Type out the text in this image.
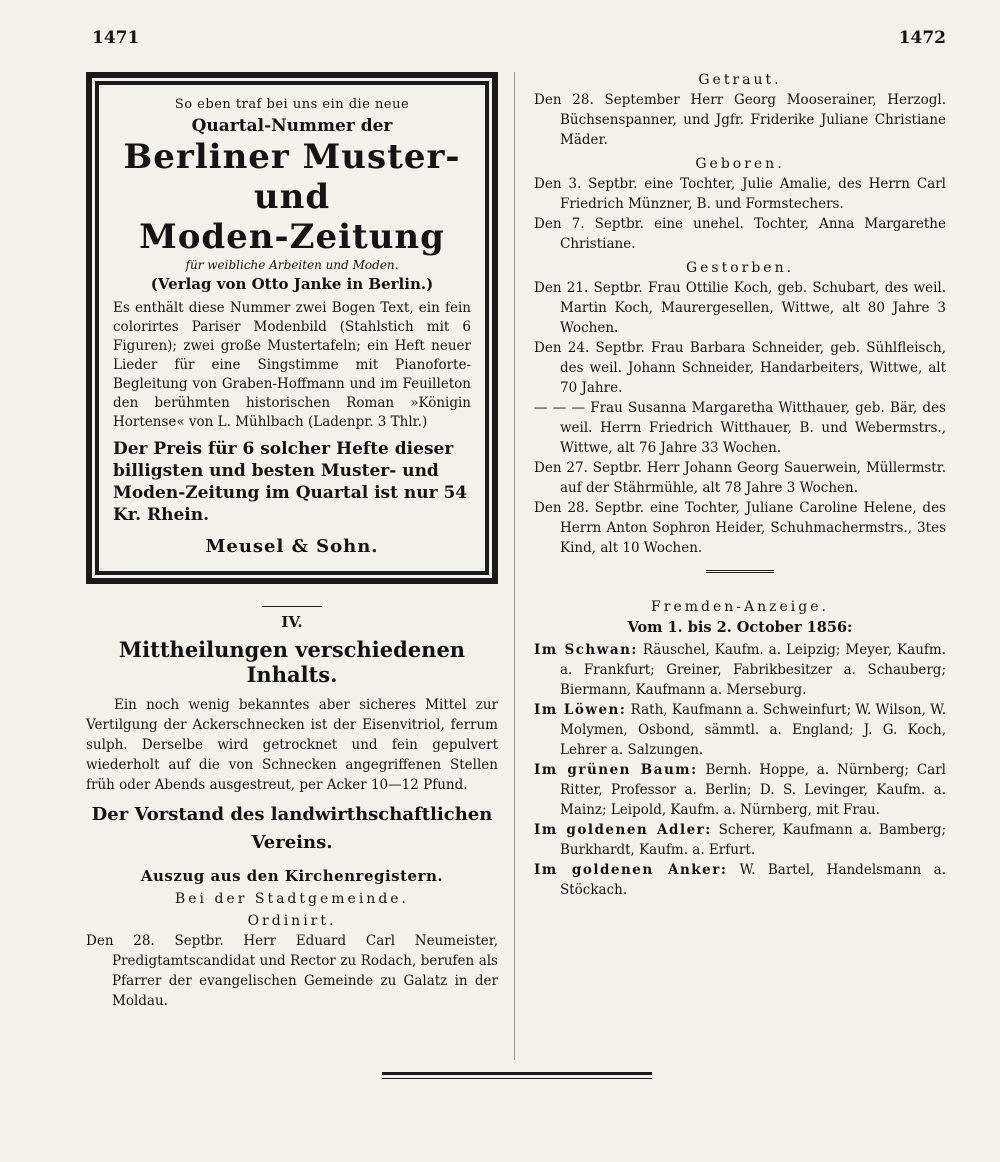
1471	1472
So eben traf bei uns ein die neue
Quartal-Nummer der
Berliner Muster- und
Moden-Zeitung
für weibliche Arbeiten und Moden.
(Verlag von Otto Janke in Berlin.)
Es enthält diese Nummer zwei Bogen Text, ein fein colorirtes Pariser Modenbild (Stahlstich mit 6 Figuren); zwei große Mustertafeln; ein Heft neuer Lieder für eine Singstimme mit Pianoforte-Begleitung von Graben-Hoffmann und im Feuilleton den berühmten historischen Roman »Königin Hortense« von L. Mühlbach (Ladenpr. 3 Thlr.)
Der Preis für 6 solcher Hefte dieser billigsten und besten Muster- und Moden-Zeitung im Quartal ist nur 54 Kr. Rhein.
Meusel & Sohn.
IV.
Mittheilungen verschiedenen Inhalts.

Ein noch wenig bekanntes aber sicheres Mittel zur Vertilgung der Ackerschnecken ist der Eisenvitriol, ferrum sulph. Derselbe wird getrocknet und fein gepulvert wiederholt auf die von Schnecken angegriffenen Stellen früh oder Abends ausgestreut, per Acker 10—12 Pfund.

Der Vorstand des landwirthschaftlichen Vereins.
Auszug aus den Kirchenregistern.
Bei der Stadtgemeinde.
Ordinirt.

Den 28. Septbr. Herr Eduard Carl Neumeister, Predigtamtscandidat und Rector zu Rodach, berufen als Pfarrer der evangelischen Gemeinde zu Galatz in der Moldau.

Getraut.

Den 28. September Herr Georg Mooserainer, Herzogl. Büchsenspanner, und Jgfr. Friderike Juliane Christiane Mäder.

Geboren.

Den 3. Septbr. eine Tochter, Julie Amalie, des Herrn Carl Friedrich Münzner, B. und Formstechers.

Den 7. Septbr. eine unehel. Tochter, Anna Margarethe Christiane.

Gestorben.

Den 21. Septbr. Frau Ottilie Koch, geb. Schubart, des weil. Martin Koch, Maurergesellen, Wittwe, alt 80 Jahre 3 Wochen.

Den 24. Septbr. Frau Barbara Schneider, geb. Sühlfleisch, des weil. Johann Schneider, Handarbeiters, Wittwe, alt 70 Jahre.

— — — Frau Susanna Margaretha Witthauer, geb. Bär, des weil. Herrn Friedrich Witthauer, B. und Webermstrs., Wittwe, alt 76 Jahre 33 Wochen.

Den 27. Septbr. Herr Johann Georg Sauerwein, Müllermstr. auf der Stährmühle, alt 78 Jahre 3 Wochen.

Den 28. Septbr. eine Tochter, Juliane Caroline Helene, des Herrn Anton Sophron Heider, Schuhmachermstrs., 3tes Kind, alt 10 Wochen.

Fremden-Anzeige.
Vom 1. bis 2. October 1856:

Im Schwan: Räuschel, Kaufm. a. Leipzig; Meyer, Kaufm. a. Frankfurt; Greiner, Fabrikbesitzer a. Schauberg; Biermann, Kaufmann a. Merseburg.

Im Löwen: Rath, Kaufmann a. Schweinfurt; W. Wilson, W. Molymen, Osbond, sämmtl. a. England; J. G. Koch, Lehrer a. Salzungen.

Im grünen Baum: Bernh. Hoppe, a. Nürnberg; Carl Ritter, Professor a. Berlin; D. S. Levinger, Kaufm. a. Mainz; Leipold, Kaufm. a. Nürnberg, mit Frau.

Im goldenen Adler: Scherer, Kaufmann a. Bamberg; Burkhardt, Kaufm. a. Erfurt.

Im goldenen Anker: W. Bartel, Handelsmann a. Stöckach.
